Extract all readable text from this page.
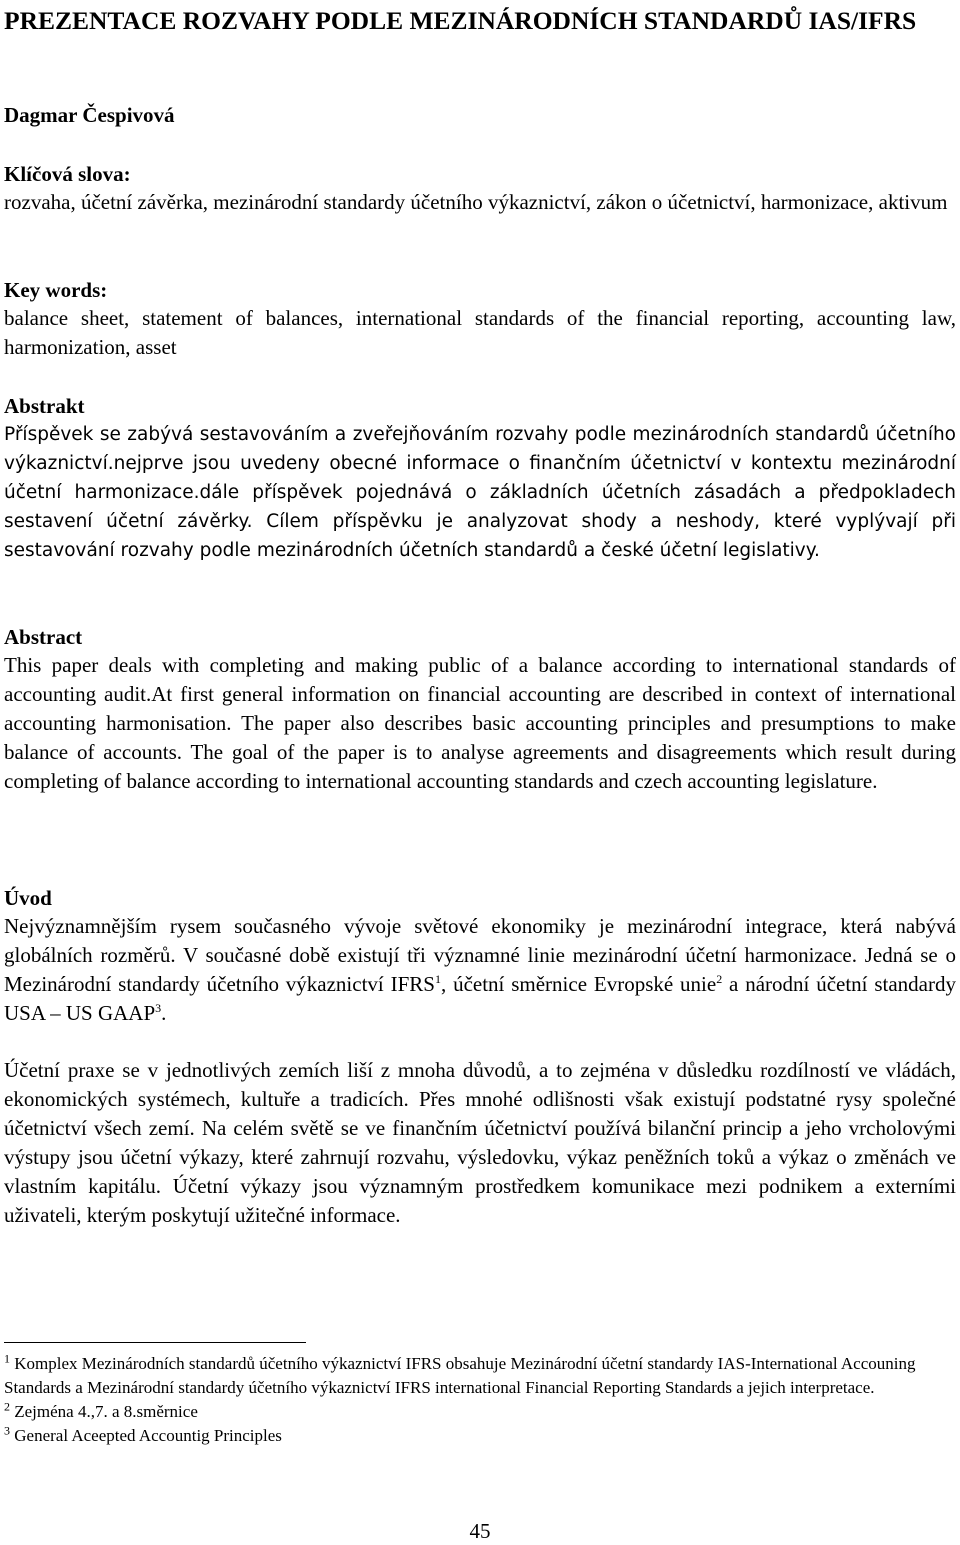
PREZENTACE ROZVAHY PODLE MEZINÁRODNÍCH STANDARDŮ IAS/IFRS

Dagmar Čespivová

Klíčová slova:

rozvaha, účetní závěrka, mezinárodní standardy účetního výkaznictví, zákon o účetnictví, harmonizace, aktivum

Key words:

balance sheet, statement of balances, international standards of the financial reporting, accounting law, harmonization, asset

Abstrakt

Příspěvek se zabývá sestavováním a zveřejňováním rozvahy podle mezinárodních standardů účetního výkaznictví.nejprve jsou uvedeny obecné informace o finančním účetnictví v kontextu mezinárodní účetní harmonizace.dále příspěvek pojednává o základních účetních zásadách a předpokladech sestavení účetní závěrky. Cílem příspěvku je analyzovat shody a neshody, které vyplývají při sestavování rozvahy podle mezinárodních účetních standardů a české účetní legislativy.

Abstract

This paper deals with completing and making public of a balance according to international standards of accounting audit.At first general information on financial accounting are described in context of international accounting harmonisation. The paper also describes basic accounting principles and presumptions to make balance of accounts. The goal of the paper is to analyse agreements and disagreements which result during completing of balance according to international accounting standards and czech accounting legislature.

Úvod

Nejvýznamnějším rysem současného vývoje světové ekonomiky je mezinárodní integrace, která nabývá globálních rozměrů. V současné době existují tři významné linie mezinárodní účetní harmonizace. Jedná se o Mezinárodní standardy účetního výkaznictví IFRS$^1$, účetní směrnice Evropské unie$^2$ a národní účetní standardy USA – US GAAP$^3$.

Účetní praxe se v jednotlivých zemích liší z mnoha důvodů, a to zejména v důsledku rozdílností ve vládách, ekonomických systémech, kultuře a tradicích. Přes mnohé odlišnosti však existují podstatné rysy společné účetnictví všech zemí. Na celém světě se ve finančním účetnictví používá bilanční princip a jeho vrcholovými výstupy jsou účetní výkazy, které zahrnují rozvahu, výsledovku, výkaz peněžních toků a výkaz o změnách ve vlastním kapitálu. Účetní výkazy jsou významným prostředkem komunikace mezi podnikem a externími uživateli, kterým poskytují užitečné informace.

$^1$ Komplex Mezinárodních standardů účetního výkaznictví IFRS obsahuje Mezinárodní účetní standardy IAS-International Accouning Standards a Mezinárodní standardy účetního výkaznictví IFRS international Financial Reporting Standards a jejich interpretace.

$^2$ Zejména 4.,7. a 8.směrnice

$^3$ General Aceepted Accountig Principles

45
